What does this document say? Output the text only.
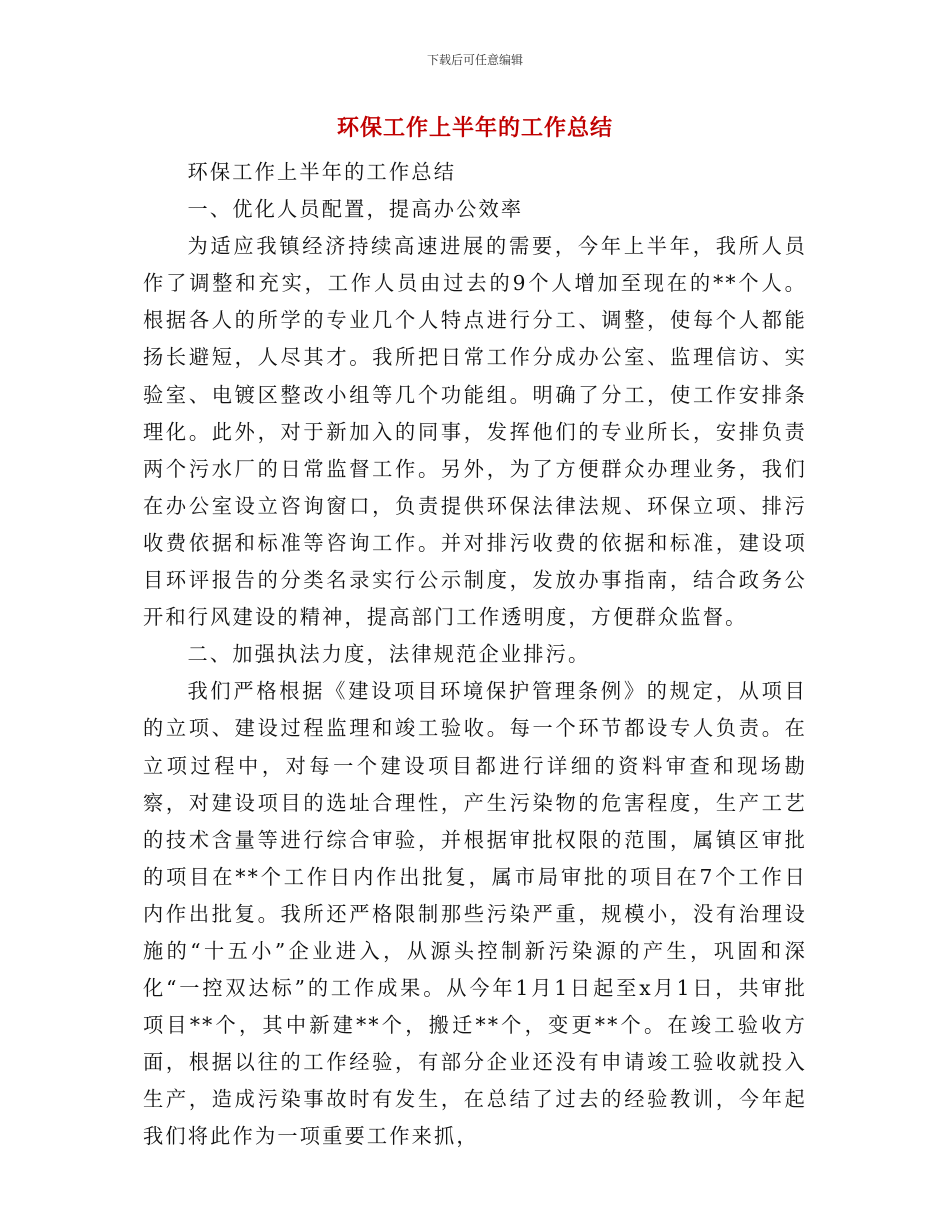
下载后可任意编辑
环保工作上半年的工作总结

环保工作上半年的工作总结

一、优化人员配置，提高办公效率

为适应我镇经济持续高速进展的需要，今年上半年，我所人员作了调整和充实，工作人员由过去的9个人增加至现在的**个人。根据各人的所学的专业几个人特点进行分工、调整，使每个人都能扬长避短，人尽其才。我所把日常工作分成办公室、监理信访、实验室、电镀区整改小组等几个功能组。明确了分工，使工作安排条理化。此外，对于新加入的同事，发挥他们的专业所长，安排负责两个污水厂的日常监督工作。另外，为了方便群众办理业务，我们在办公室设立咨询窗口，负责提供环保法律法规、环保立项、排污收费依据和标准等咨询工作。并对排污收费的依据和标准，建设项目环评报告的分类名录实行公示制度，发放办事指南，结合政务公开和行风建设的精神，提高部门工作透明度，方便群众监督。

二、加强执法力度，法律规范企业排污。

我们严格根据《建设项目环境保护管理条例》的规定，从项目的立项、建设过程监理和竣工验收。每一个环节都设专人负责。在立项过程中，对每一个建设项目都进行详细的资料审查和现场勘察，对建设项目的选址合理性，产生污染物的危害程度，生产工艺的技术含量等进行综合审验，并根据审批权限的范围，属镇区审批的项目在**个工作日内作出批复，属市局审批的项目在7个工作日内作出批复。我所还严格限制那些污染严重，规模小，没有治理设施的“十五小”企业进入，从源头控制新污染源的产生，巩固和深化“一控双达标”的工作成果。从今年1月1日起至x月1日，共审批项目**个，其中新建**个，搬迁**个，变更**个。在竣工验收方面，根据以往的工作经验，有部分企业还没有申请竣工验收就投入生产，造成污染事故时有发生，在总结了过去的经验教训，今年起我们将此作为一项重要工作来抓，
